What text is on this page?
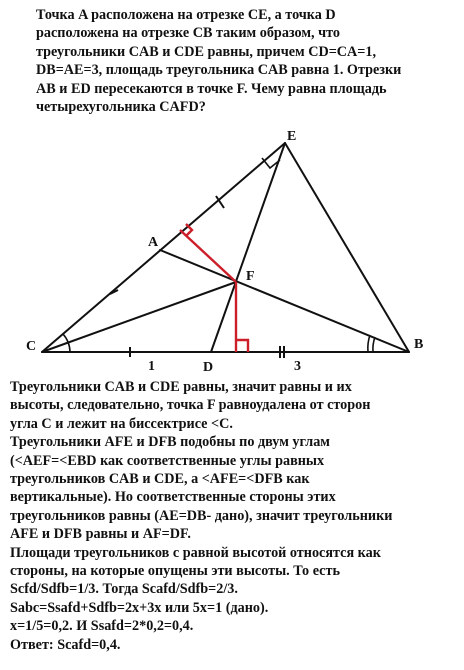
Точка A расположена на отрезке CE, а точка D
расположена на отрезке CB таким образом, что
треугольники CAB и CDE равны, причем CD=CA=1,
DB=AE=3, площадь треугольника CAB равна 1. Отрезки
AB и ED пересекаются в точке F. Чему равна площадь
четырехугольника CAFD?
E
A
F
C
D
B
1	3
Треугольники CAB и CDE равны, значит равны и их
высоты, следовательно, точка F равноудалена от сторон
угла C и лежит на биссектрисе <C.
Треугольники AFE и DFB подобны по двум углам
(<AEF=<EBD как соответственные углы равных
треугольников CAB и CDE, а <AFE=<DFB как
вертикальные). Но соответственные стороны этих
треугольников равны (AE=DB- дано), значит треугольники
AFE и DFB равны и AF=DF.
Площади треугольников с равной высотой относятся как
стороны, на которые опущены эти высоты. То есть
Scfd/Sdfb=1/3. Тогда Scafd/Sdfb=2/3.
Sabc=Ssafd+Sdfb=2x+3x или 5x=1 (дано).
x=1/5=0,2. И Ssafd=2*0,2=0,4.
Ответ: Scafd=0,4.
